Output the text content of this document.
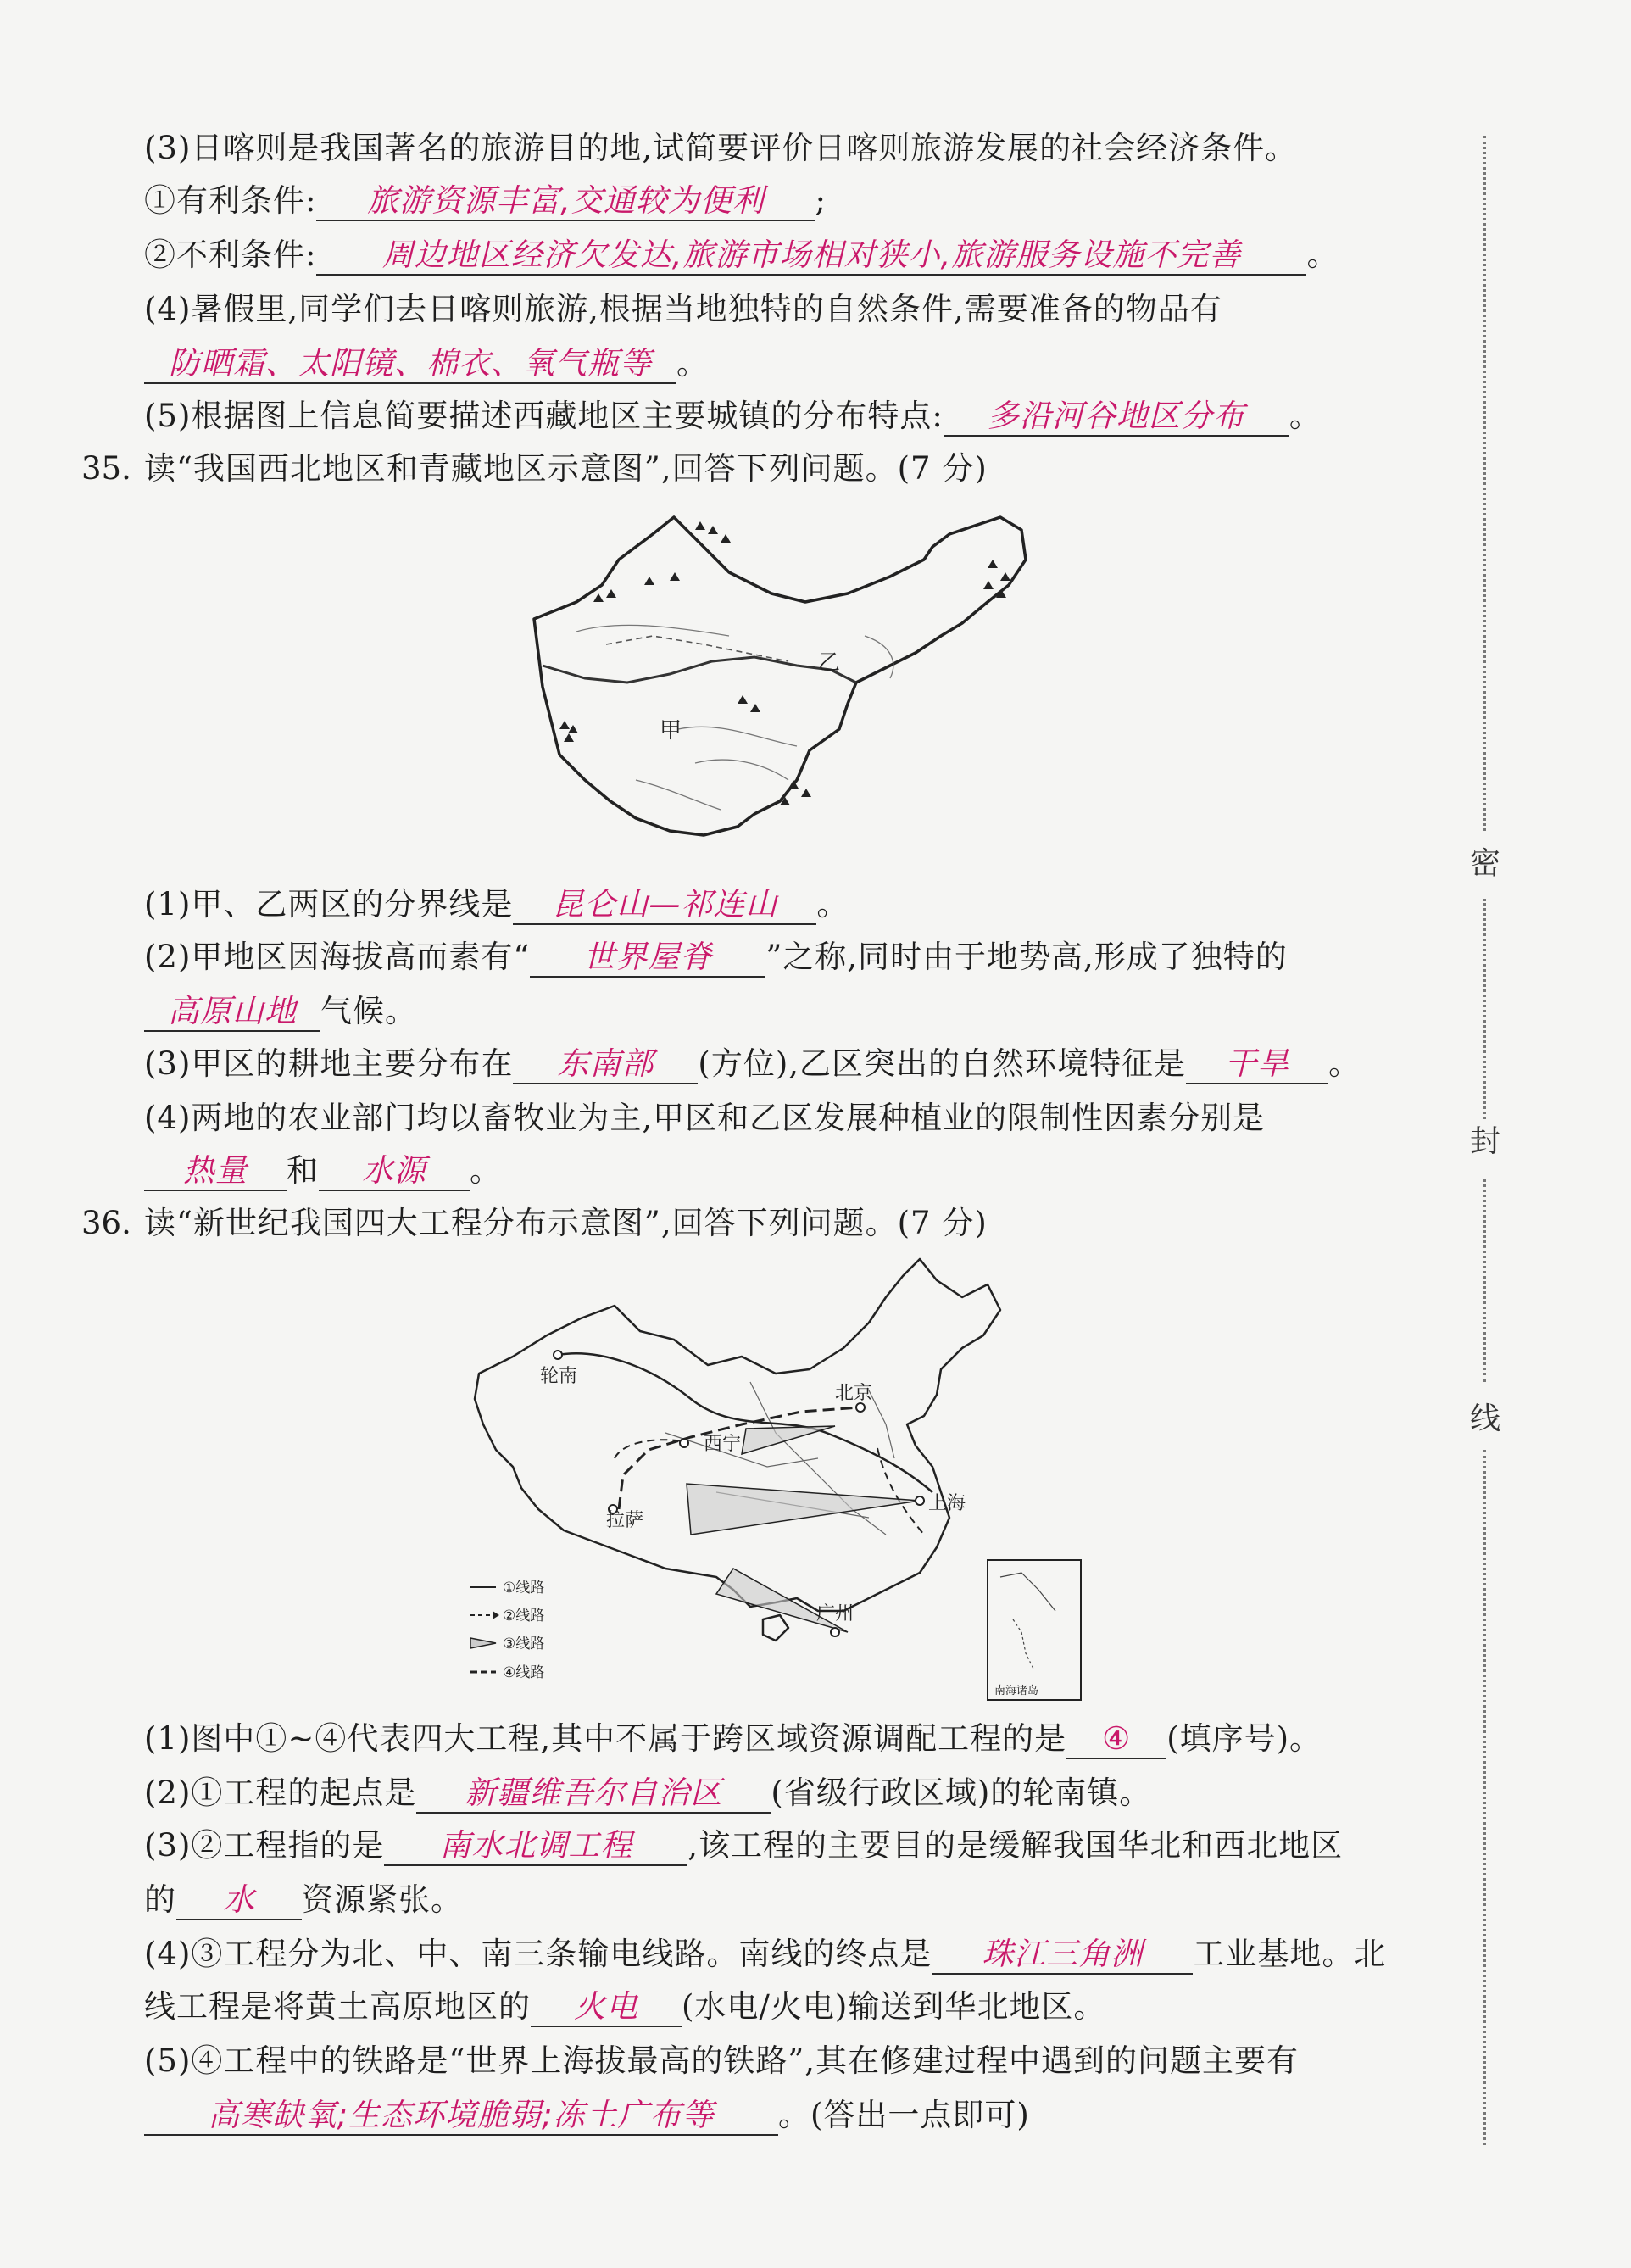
(3)日喀则是我国著名的旅游目的地,试简要评价日喀则旅游发展的社会经济条件。
①有利条件: 旅游资源丰富,交通较为便利 ;
②不利条件: 周边地区经济欠发达,旅游市场相对狭小,旅游服务设施不完善 。
(4)暑假里,同学们去日喀则旅游,根据当地独特的自然条件,需要准备的物品有
防晒霜、太阳镜、棉衣、氧气瓶等 。
(5)根据图上信息简要描述西藏地区主要城镇的分布特点: 多沿河谷地区分布 。
35. 读“我国西北地区和青藏地区示意图”,回答下列问题。(7 分)
甲
乙
(1)甲、乙两区的分界线是 昆仑山—祁连山 。
(2)甲地区因海拔高而素有“ 世界屋脊 ”之称,同时由于地势高,形成了独特的
高原山地 气候。
(3)甲区的耕地主要分布在 东南部 (方位),乙区突出的自然环境特征是 干旱 。
(4)两地的农业部门均以畜牧业为主,甲区和乙区发展种植业的限制性因素分别是
热量 和 水源 。
36. 读“新世纪我国四大工程分布示意图”,回答下列问题。(7 分)
轮南
北京
西宁
拉萨
上海
广州
①线路
②线路
③线路
④线路
南海诸岛
(1)图中①~④代表四大工程,其中不属于跨区域资源调配工程的是 ④ (填序号)。
(2)①工程的起点是 新疆维吾尔自治区 (省级行政区域)的轮南镇。
(3)②工程指的是 南水北调工程 ,该工程的主要目的是缓解我国华北和西北地区
的 水 资源紧张。
(4)③工程分为北、中、南三条输电线路。南线的终点是 珠江三角洲 工业基地。北
线工程是将黄土高原地区的 火电 (水电/火电)输送到华北地区。
(5)④工程中的铁路是“世界上海拔最高的铁路”,其在修建过程中遇到的问题主要有
高寒缺氧;生态环境脆弱;冻土广布等 。(答出一点即可)
密
封
线
